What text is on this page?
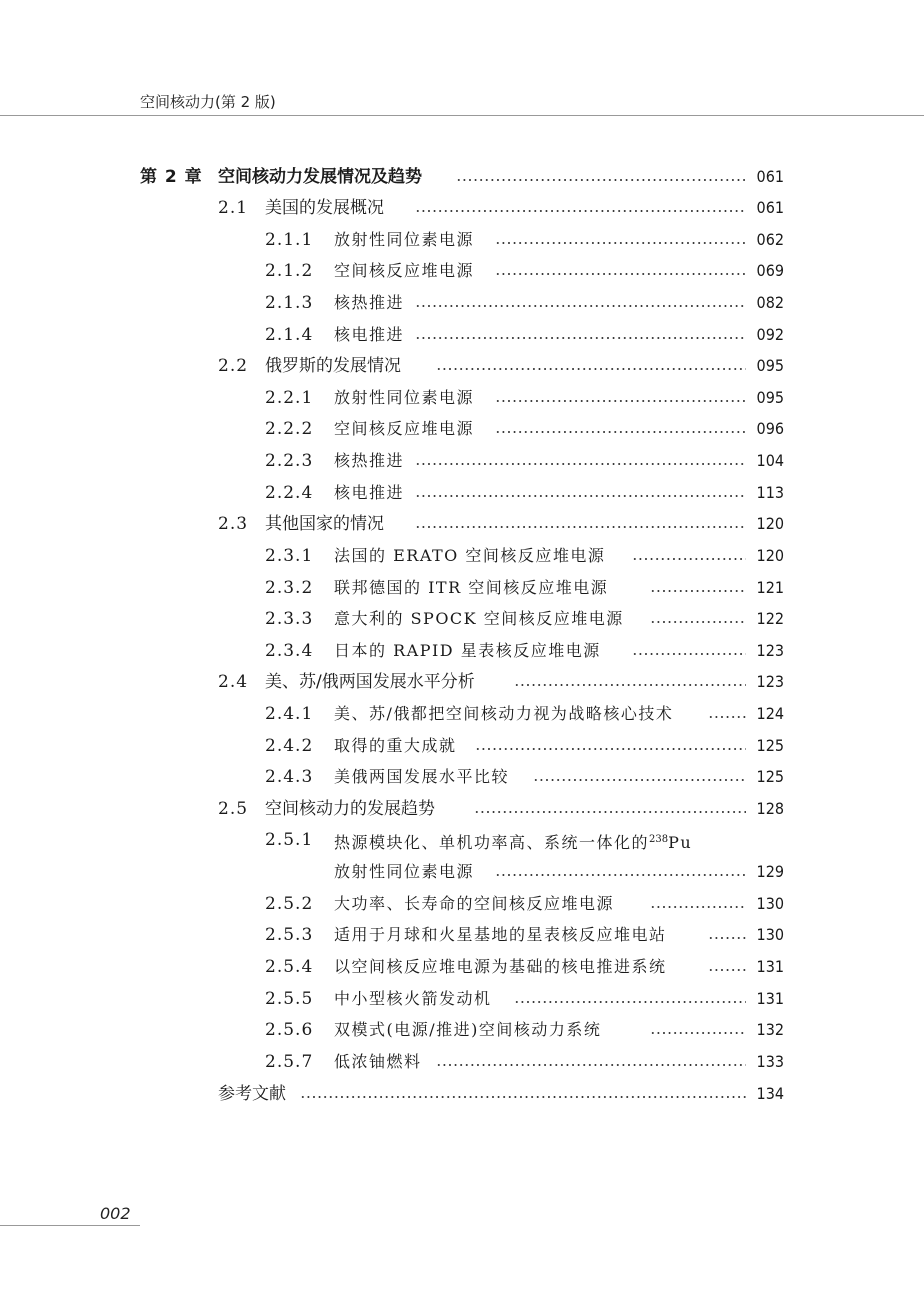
空间核动力(第 2 版)
第 2 章 空间核动力发展情况及趋势	061
2.1 美国的发展概况	061
2.1.1 放射性同位素电源	062
2.1.2 空间核反应堆电源	069
2.1.3 核热推进	082
2.1.4 核电推进	092
2.2 俄罗斯的发展情况	095
2.2.1 放射性同位素电源	095
2.2.2 空间核反应堆电源	096
2.2.3 核热推进	104
2.2.4 核电推进	113
2.3 其他国家的情况	120
2.3.1 法国的 ERATO 空间核反应堆电源	120
2.3.2 联邦德国的 ITR 空间核反应堆电源	121
2.3.3 意大利的 SPOCK 空间核反应堆电源	122
2.3.4 日本的 RAPID 星表核反应堆电源	123
2.4 美、苏/俄两国发展水平分析	123
2.4.1 美、苏/俄都把空间核动力视为战略核心技术	124
2.4.2 取得的重大成就	125
2.4.3 美俄两国发展水平比较	125
2.5 空间核动力的发展趋势	128
2.5.1 热源模块化、单机功率高、系统一体化的$^{238}$Pu
放射性同位素电源	129
2.5.2 大功率、长寿命的空间核反应堆电源	130
2.5.3 适用于月球和火星基地的星表核反应堆电站	130
2.5.4 以空间核反应堆电源为基础的核电推进系统	131
2.5.5 中小型核火箭发动机	131
2.5.6 双模式(电源/推进)空间核动力系统	132
2.5.7 低浓铀燃料	133
参考文献	134
002
